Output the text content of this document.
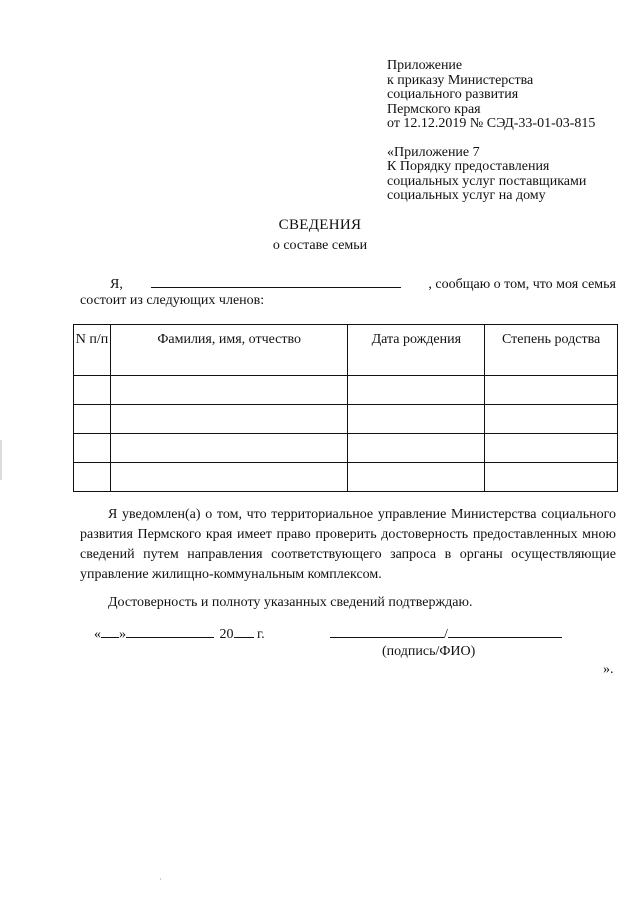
Приложение
к приказу Министерства
социального развития
Пермского края
от 12.12.2019 № СЭД-33-01-03-815
«Приложение 7
К Порядку предоставления
социальных услуг поставщиками
социальных услуг на дому
СВЕДЕНИЯ
о составе семьи
Я,	, сообщаю о том, что моя семья
состоит из следующих членов:
N п/п	Фамилия, имя, отчество	Дата рождения	Степень родства

Я уведомлен(а) о том, что территориальное управление Министерства социального развития Пермского края имеет право проверить достоверность предоставленных мною сведений путем направления соответствующего запроса в органы осуществляющие управление жилищно-коммунальным комплексом.
Достоверность и полноту указанных сведений подтверждаю.
« »	20 г.	/
(подпись/ФИО)
».
